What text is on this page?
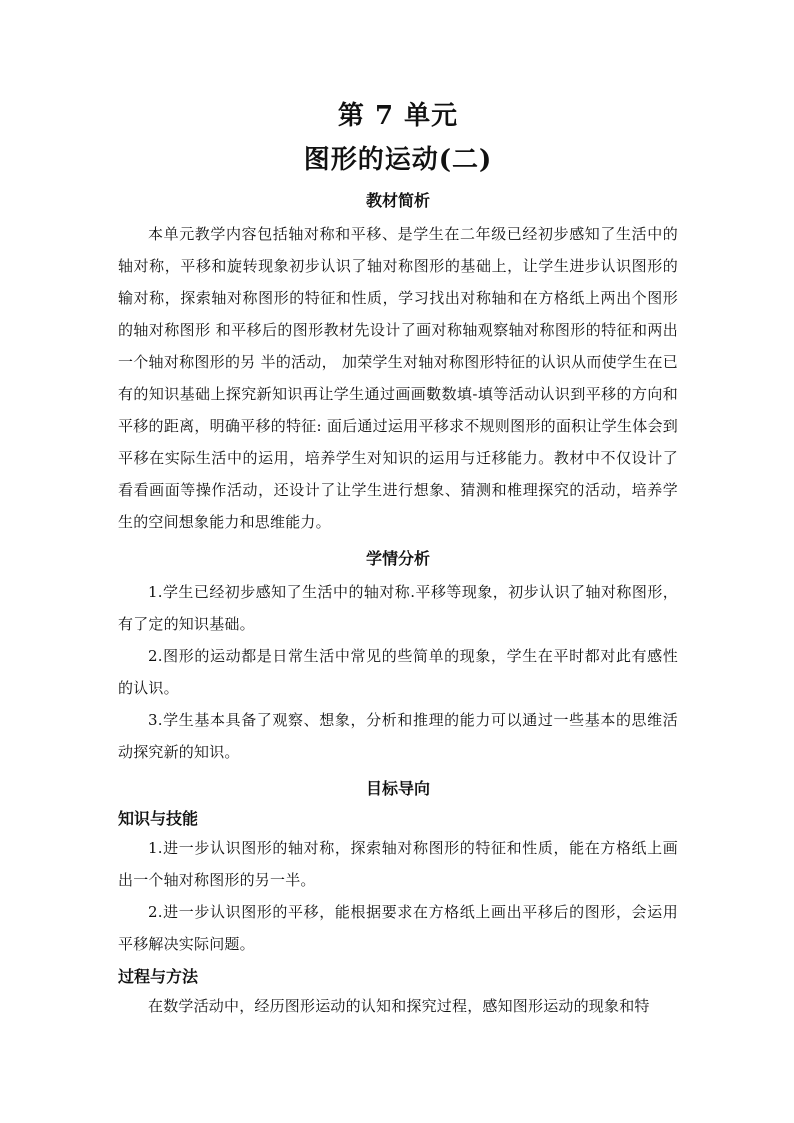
第 7 单元
图形的运动(二)
教材简析

本单元教学内容包括轴对称和平移、是学生在二年级已经初步感知了生活中的轴对称，平移和旋转现象初步认识了轴对称图形的基础上，让学生进步认识图形的输对称，探索轴对称图形的特征和性质，学习找出对称轴和在方格纸上两出个图形的轴对称图形 和平移后的图形教材先设计了画对称轴观察轴对称图形的特征和两出一个轴对称图形的另 半的活动， 加荣学生对轴对称图形特征的认识从而使学生在已有的知识基础上探究新知识再让学生通过画画數数填-填等活动认识到平移的方向和平移的距离，明确平移的特征: 面后通过运用平移求不规则图形的面积让学生体会到平移在实际生活中的运用，培养学生对知识的运用与迁移能力。教材中不仅设计了看看画面等操作活动，还设计了让学生进行想象、猜测和椎理探究的活动，培养学生的空间想象能力和思维能力。

学情分析

1.学生已经初步感知了生活中的轴对称.平移等现象，初步认识了轴对称图形，有了定的知识基础。

2.图形的运动都是日常生活中常见的些简单的现象，学生在平时都对此有感性的认识。

3.学生基本具备了观察、想象，分析和推理的能力可以通过一些基本的思维活动探究新的知识。

目标导向
知识与技能

1.进一步认识图形的轴对称，探索轴对称图形的特征和性质，能在方格纸上画出一个轴对称图形的另一半。

2.进一步认识图形的平移，能根据要求在方格纸上画出平移后的图形，会运用平移解决实际问题。

过程与方法

在数学活动中，经历图形运动的认知和探究过程，感知图形运动的现象和特
